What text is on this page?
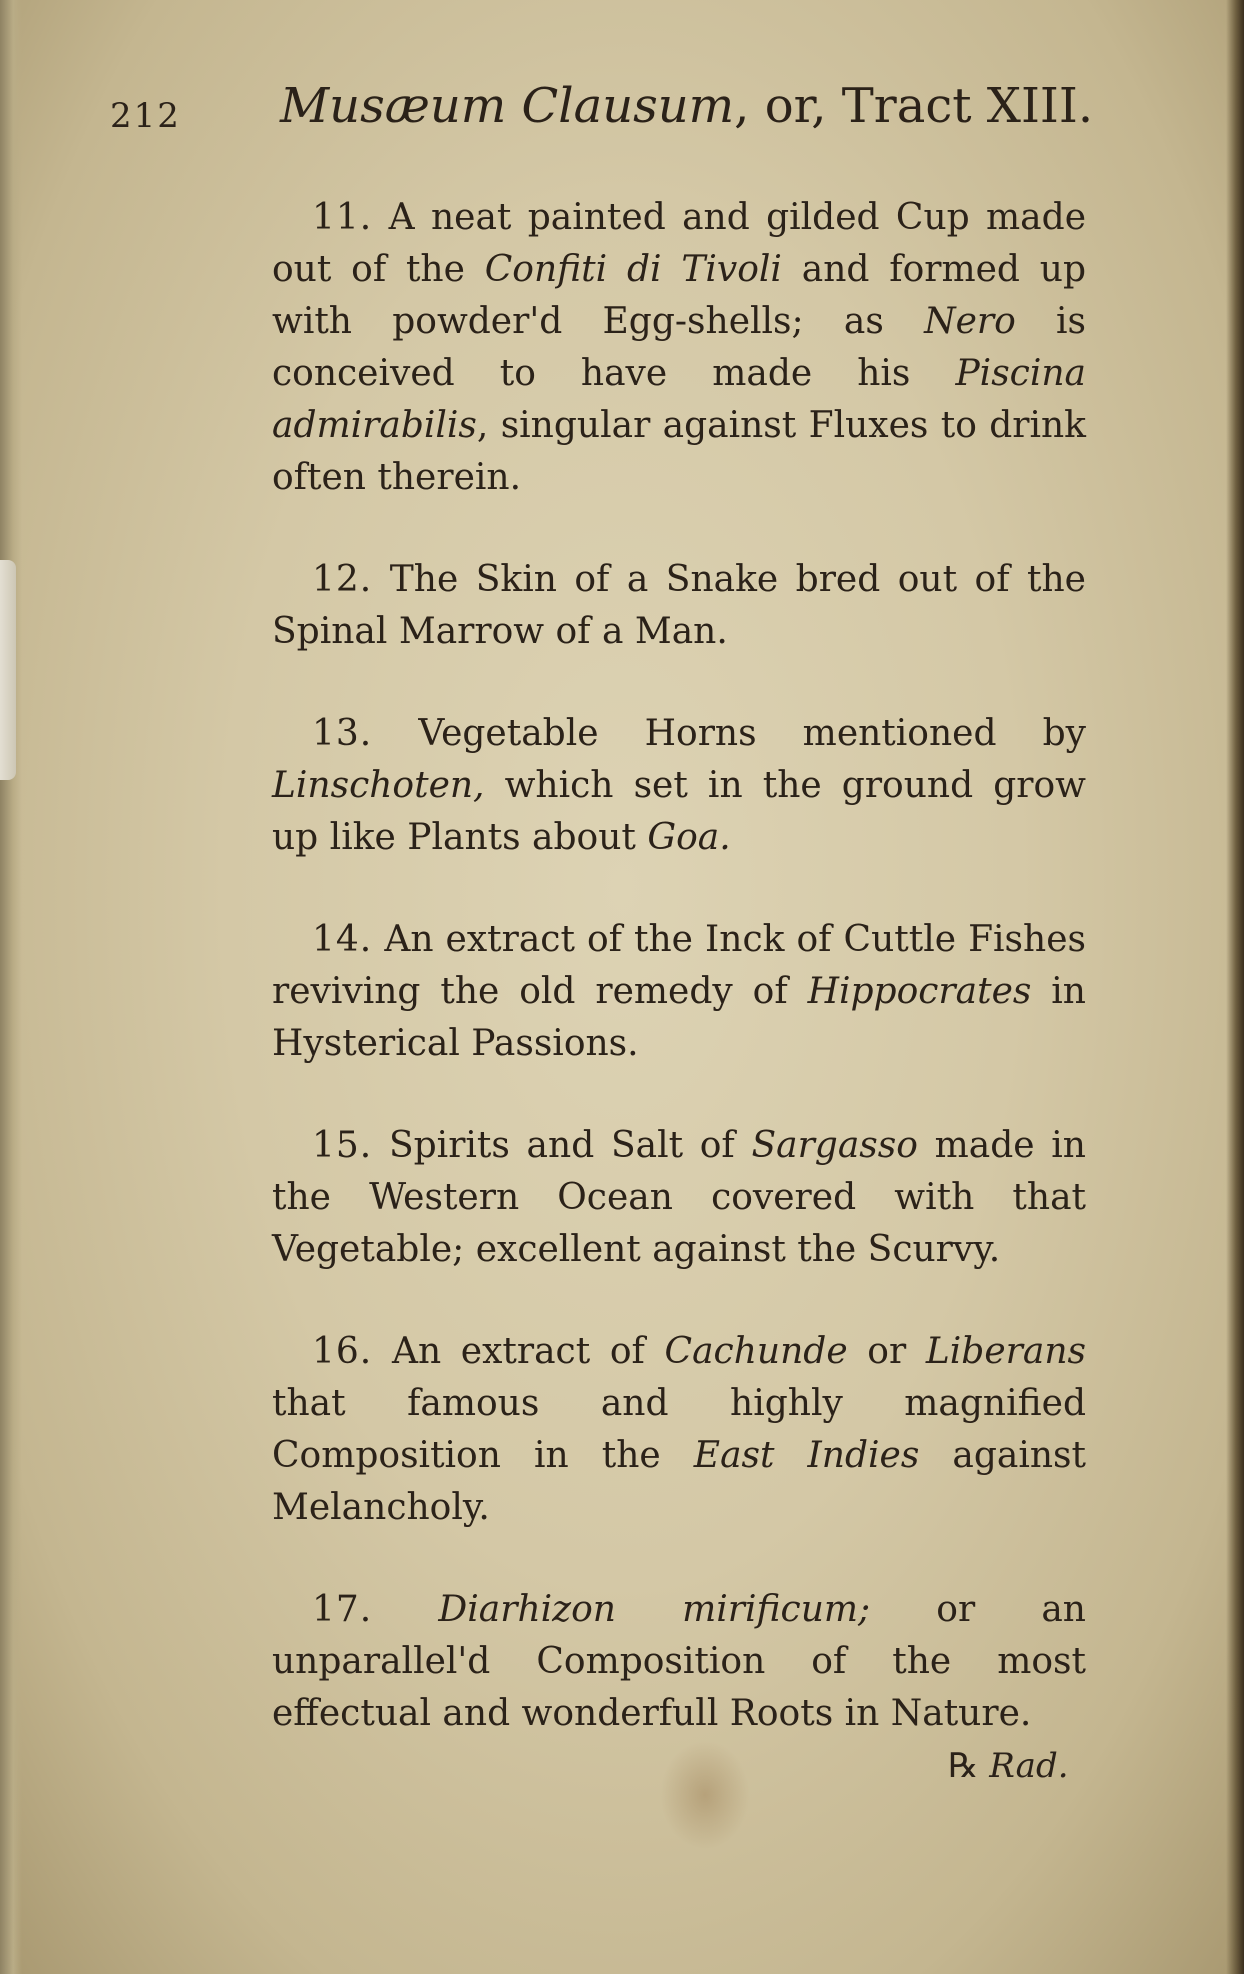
212 Musæum Clausum, or, Tract XIII.

11. A neat painted and gilded Cup made out of the Confiti di Tivoli and formed up with powder'd Egg-shells; as Nero is conceived to have made his Piscina admirabilis, singular against Fluxes to drink often therein.

12. The Skin of a Snake bred out of the Spinal Marrow of a Man.

13. Vegetable Horns mentioned by Linschoten, which set in the ground grow up like Plants about Goa.

14. An extract of the Inck of Cuttle Fishes reviving the old remedy of Hippocrates in Hysterical Passions.

15. Spirits and Salt of Sargasso made in the Western Ocean covered with that Vegetable; excellent against the Scurvy.

16. An extract of Cachunde or Liberans that famous and highly magnified Composition in the East Indies against Melancholy.

17. Diarhizon mirificum; or an unparallel'd Composition of the most effectual and wonderfull Roots in Nature.

℞ Rad.
